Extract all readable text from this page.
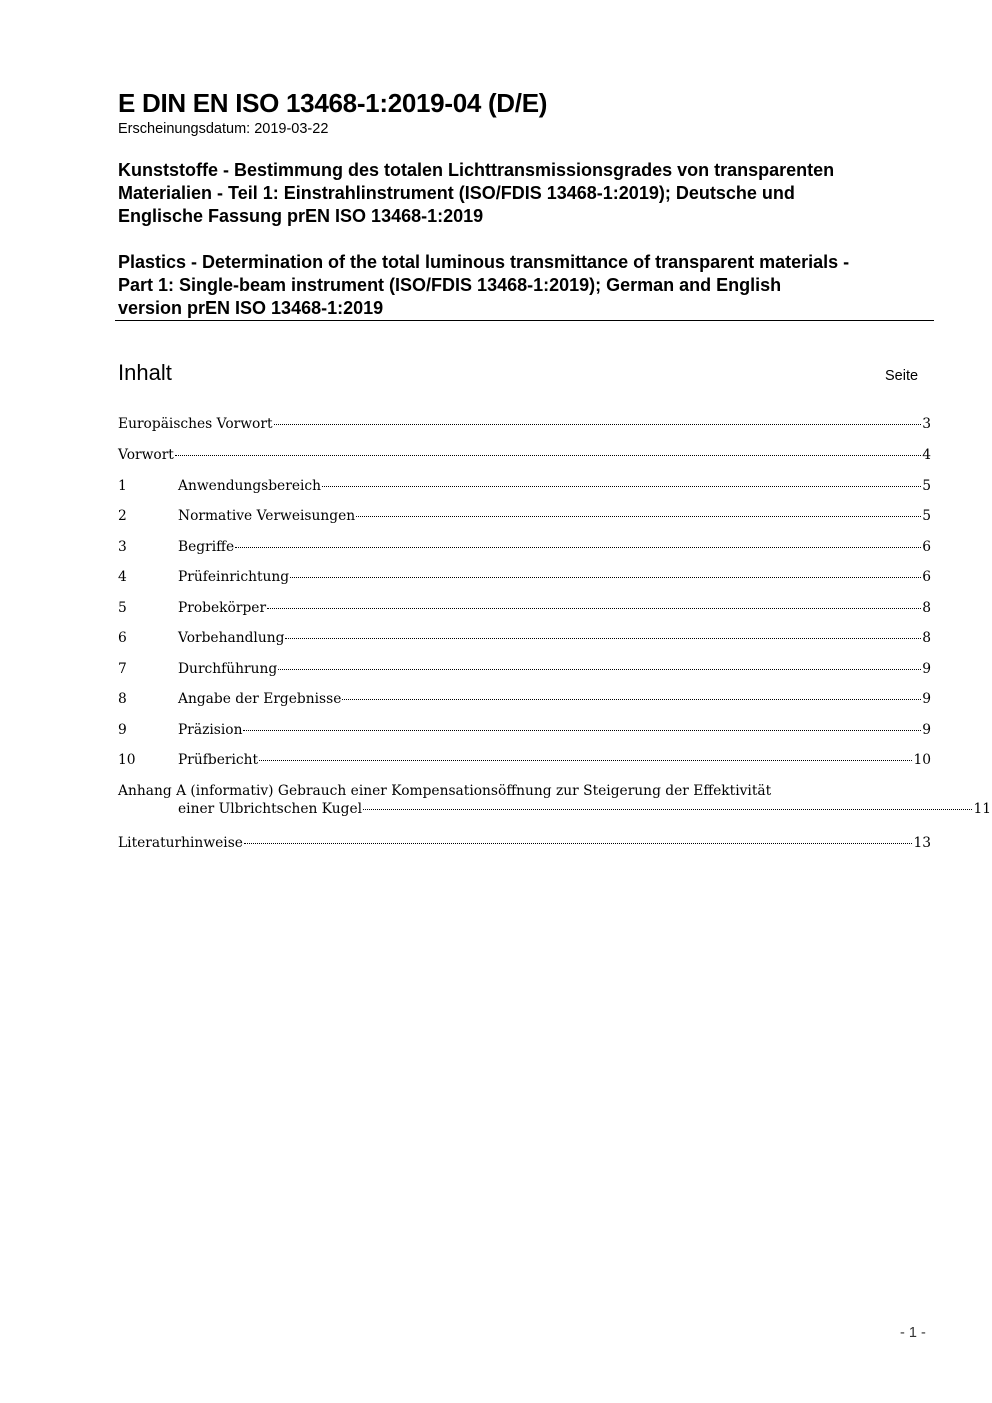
E DIN EN ISO 13468-1:2019-04 (D/E)
Erscheinungsdatum: 2019-03-22
Kunststoffe - Bestimmung des totalen Lichttransmissionsgrades von transparenten
Materialien - Teil 1: Einstrahlinstrument (ISO/FDIS 13468-1:2019); Deutsche und
Englische Fassung prEN ISO 13468-1:2019
Plastics - Determination of the total luminous transmittance of transparent materials -
Part 1: Single-beam instrument (ISO/FDIS 13468-1:2019); German and English
version prEN ISO 13468-1:2019
Inhalt	Seite
Europäisches Vorwort	3
Vorwort	4
1	Anwendungsbereich	5
2	Normative Verweisungen	5
3	Begriffe	6
4	Prüfeinrichtung	6
5	Probekörper	8
6	Vorbehandlung	8
7	Durchführung	9
8	Angabe der Ergebnisse	9
9	Präzision	9
10	Prüfbericht	10
Anhang A (informativ) Gebrauch einer Kompensationsöffnung zur Steigerung der Effektivität
einer Ulbrichtschen Kugel	11
Literaturhinweise	13
- 1 -
